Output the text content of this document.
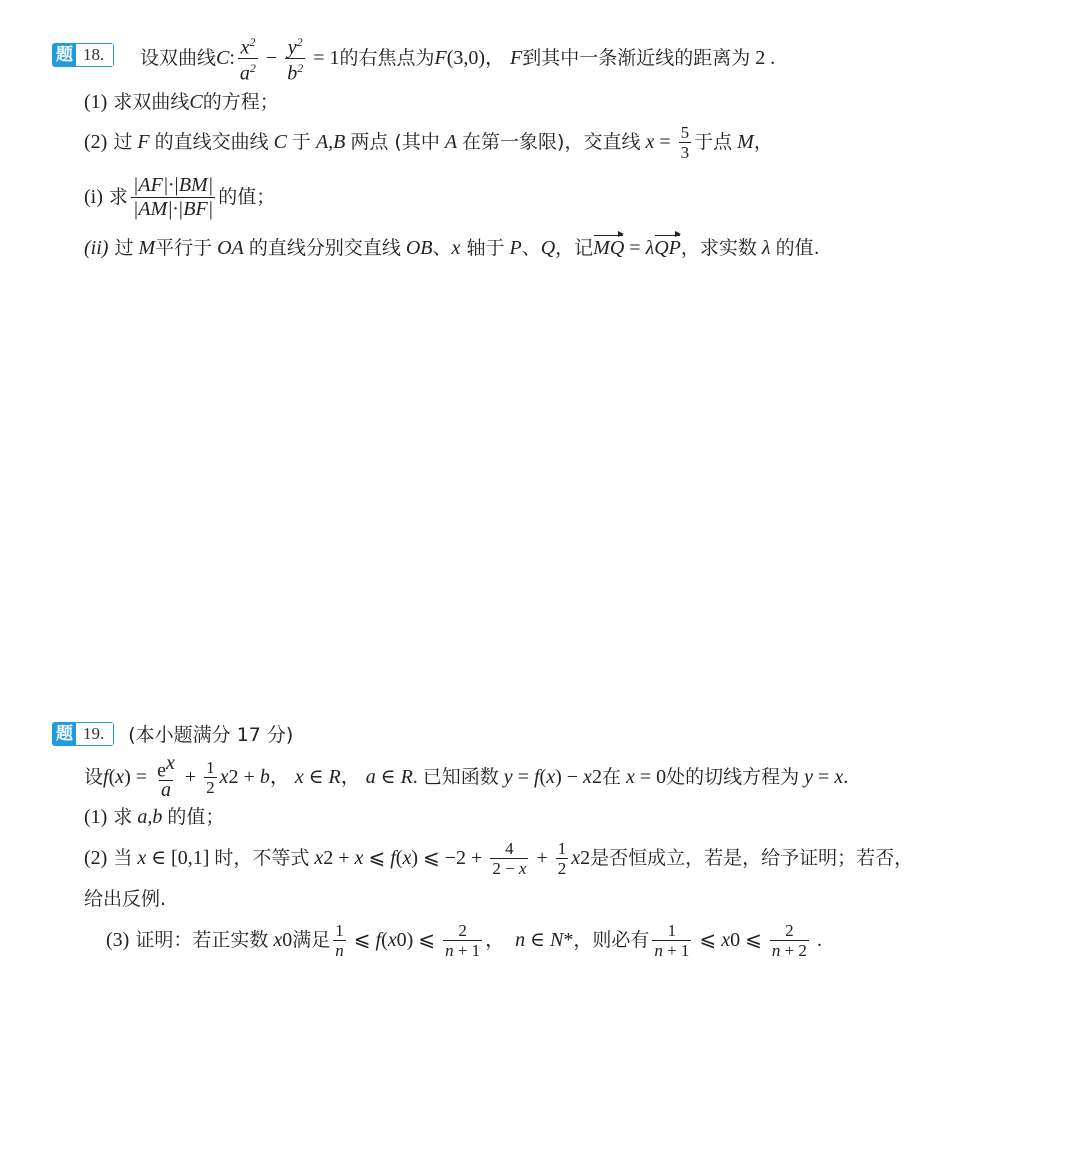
题 18.	设双曲线 C : $\frac{x^2}{a^2} - \frac{y^2}{b^2} = 1$ 的右焦点为 F (3,0)， F 到其中一条渐近线的距离为 2 .
(1) 求双曲线 C 的方程；
(2) 过 F 的直线交曲线 C 于 A,B 两点 (其中 A 在第一象限)，交直线 $x = \frac{5}{3}$ 于点 M ，
(i) 求 $\frac{|AF|\cdot|BM|}{|AM|\cdot|BF|}$ 的值；
(ii) 过 M 平行于 OA 的直线分别交直线 OB 、 x
轴于 P 、 Q ，记 MQ = λ QP ，求实数 λ 的值.
题 19.	(本小题满分 17 分)
设 f ( x ) = $\frac{e^x}{a} + \frac{1}{2}$ x 2 + b ， x ∈ R ， a ∈ R . 已知函数 y = f ( x ) − x 2 在 x = 0 处的切线方程为 y = x .
(1) 求 a,b 的值；
(2) 当 x ∈ [0,1] 时，不等式 x 2 + x ⩽ f ( x ) ⩽ $-2 + \frac{4}{2 - x} + \frac{1}{2}$ x 2 是否恒成立，若是，给予证明；若否，
给出反例.
(3) 证明：若正实数 x 0 满足 $\frac{1}{n}$ ⩽ f ( x 0 ) ⩽ $\frac{2}{n + 1}$ ， n ∈ N * ，则必有 $\frac{1}{n + 1}$ ⩽ x 0 ⩽ $\frac{2}{n + 2}$ .
